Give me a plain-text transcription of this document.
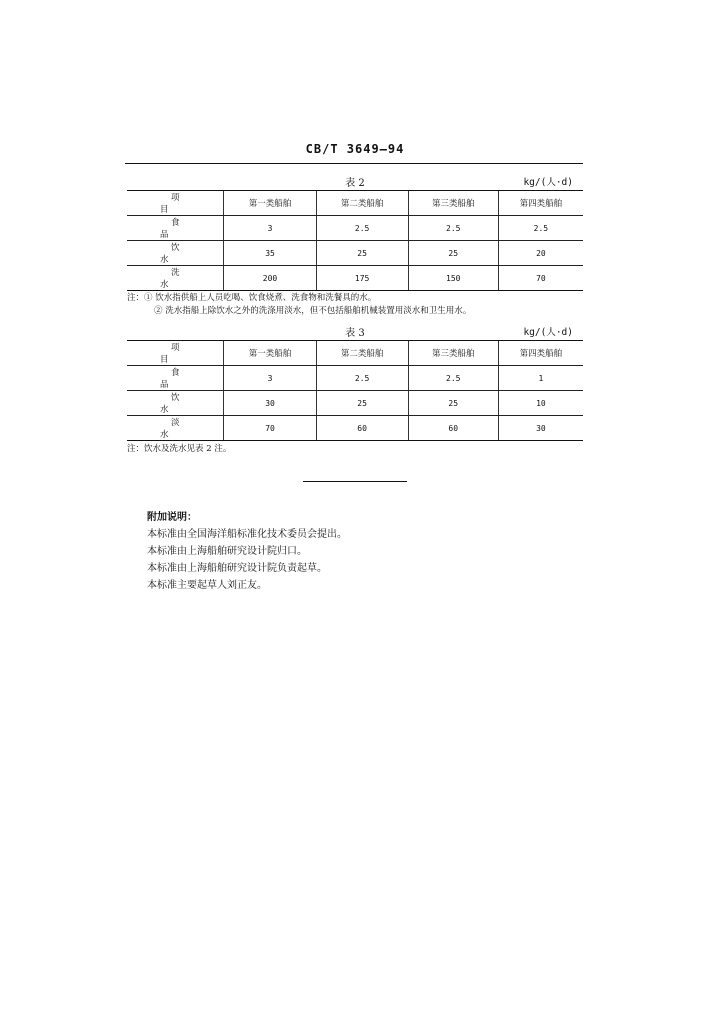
CB/T 3649—94
表 2	kg/(人·d)
项 目	第一类船舶	第二类船舶	第三类船舶	第四类船舶
食 品	3	2.5	2.5	2.5
饮 水	35	25	25	20
洗 水	200	175	150	70
注：① 饮水指供船上人员吃喝、饮食烧煮、洗食物和洗餐具的水。
② 洗水指船上除饮水之外的洗涤用淡水，但不包括船舶机械装置用淡水和卫生用水。
表 3	kg/(人·d)
项 目	第一类船舶	第二类船舶	第三类船舶	第四类船舶
食 品	3	2.5	2.5	1
饮 水	30	25	25	10
淡 水	70	60	60	30
注：饮水及洗水见表 2 注。
附加说明：
本标准由全国海洋船标准化技术委员会提出。
本标准由上海船舶研究设计院归口。
本标准由上海船舶研究设计院负责起草。
本标准主要起草人刘正友。
